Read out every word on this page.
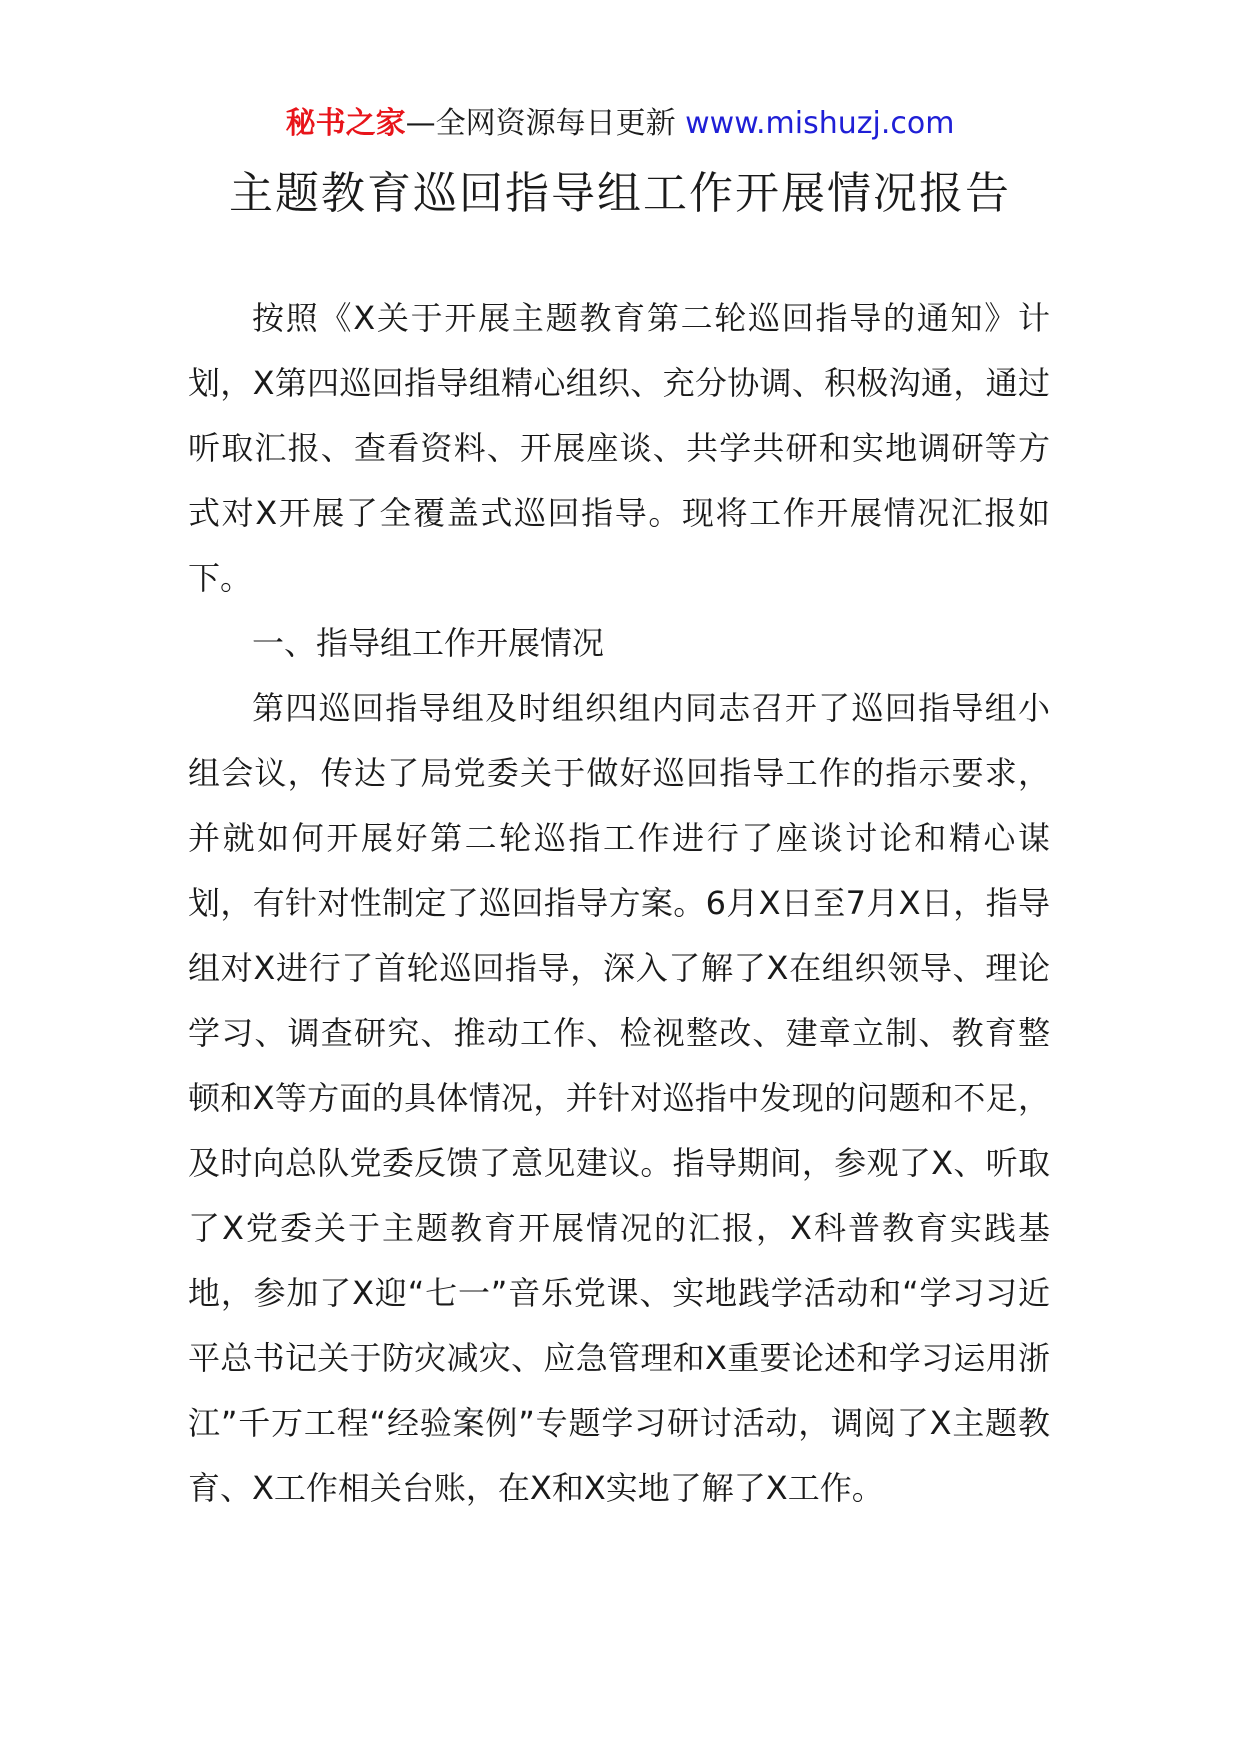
秘书之家—全网资源每日更新 www.mishuzj.com
主题教育巡回指导组工作开展情况报告

按照《X关于开展主题教育第二轮巡回指导的通知》计划，X第四巡回指导组精心组织、充分协调、积极沟通，通过听取汇报、查看资料、开展座谈、共学共研和实地调研等方式对X开展了全覆盖式巡回指导。现将工作开展情况汇报如下。

一、指导组工作开展情况

第四巡回指导组及时组织组内同志召开了巡回指导组小组会议，传达了局党委关于做好巡回指导工作的指示要求，并就如何开展好第二轮巡指工作进行了座谈讨论和精心谋划，有针对性制定了巡回指导方案。6月X日至7月X日，指导组对X进行了首轮巡回指导，深入了解了X在组织领导、理论学习、调查研究、推动工作、检视整改、建章立制、教育整顿和X等方面的具体情况，并针对巡指中发现的问题和不足，及时向总队党委反馈了意见建议。指导期间，参观了X、听取了X党委关于主题教育开展情况的汇报，X科普教育实践基地，参加了X迎“七一”音乐党课、实地践学活动和“学习习近平总书记关于防灾减灾、应急管理和X重要论述和学习运用浙江”千万工程“经验案例”专题学习研讨活动，调阅了X主题教育、X工作相关台账，在X和X实地了解了X工作。
